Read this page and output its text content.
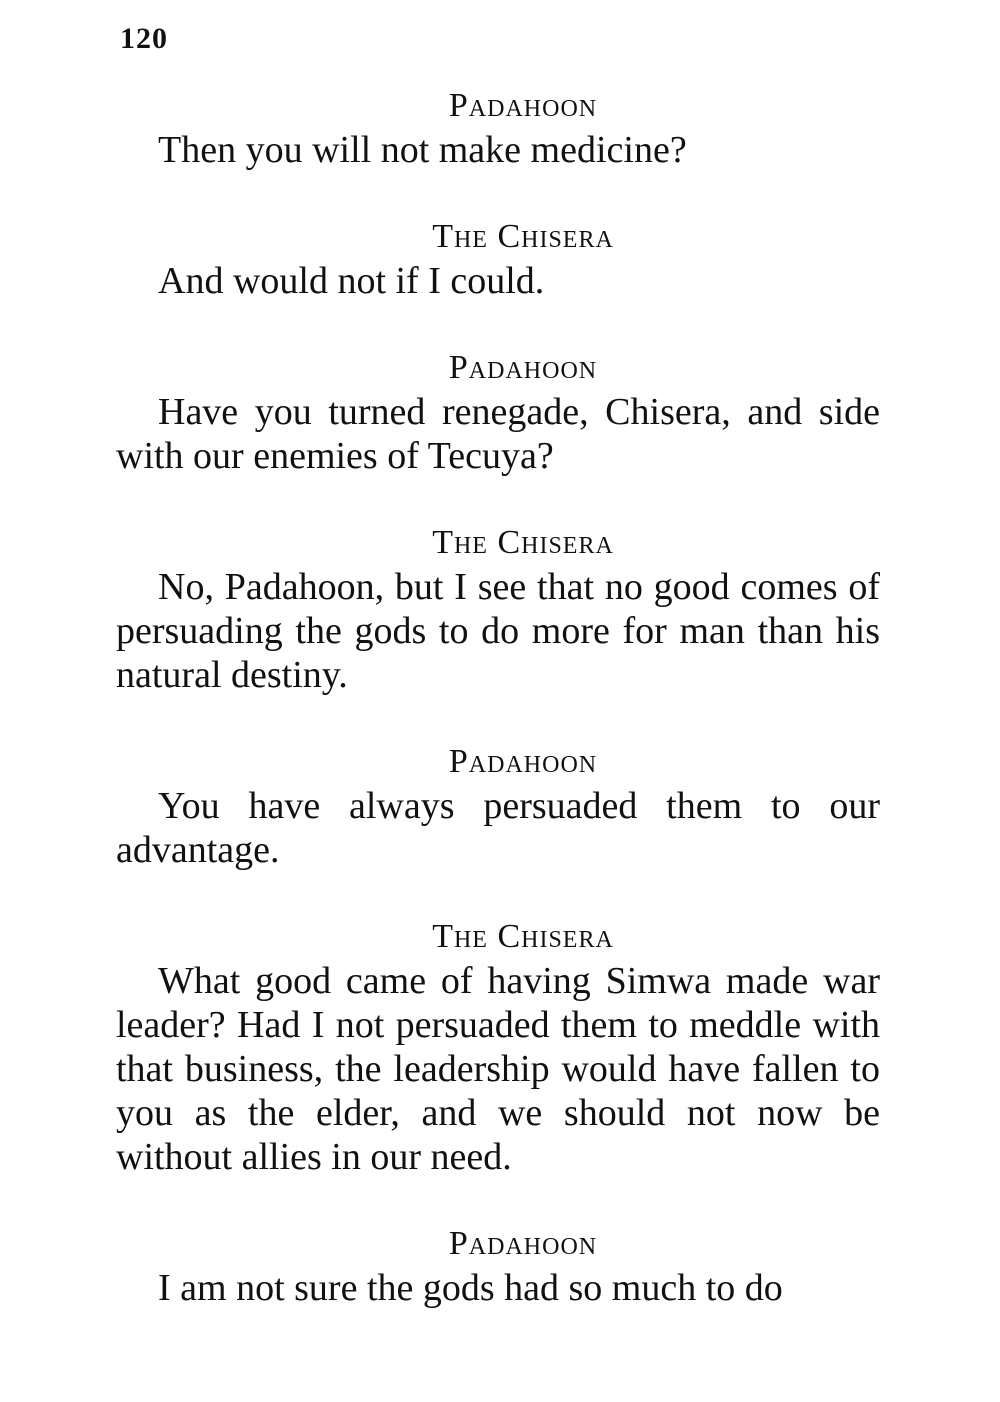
120

Padahoon

Then you will not make medicine?

The Chisera

And would not if I could.

Padahoon

Have you turned renegade, Chisera, and side with our enemies of Tecuya?

The Chisera

No, Padahoon, but I see that no good comes of persuading the gods to do more for man than his natural destiny.

Padahoon

You have always persuaded them to our advantage.

The Chisera

What good came of having Simwa made war leader? Had I not persuaded them to meddle with that business, the leadership would have fallen to you as the elder, and we should not now be without allies in our need.

Padahoon

I am not sure the gods had so much to do
